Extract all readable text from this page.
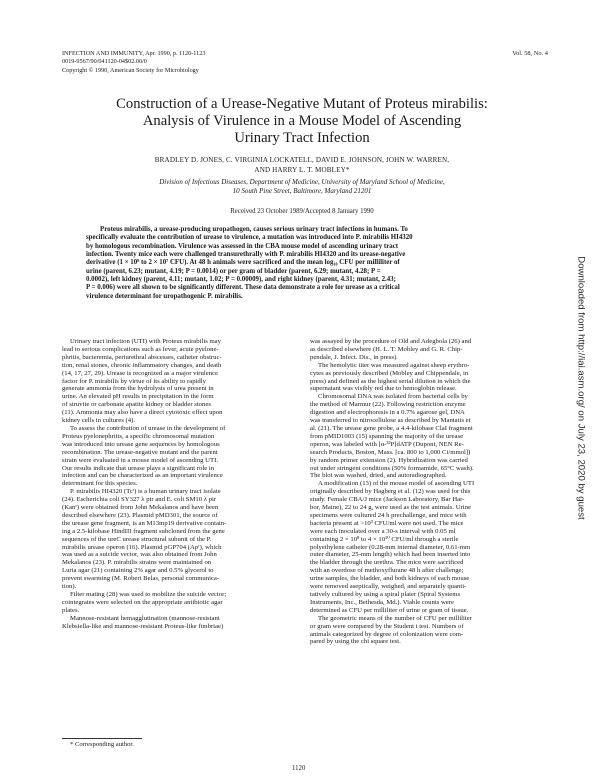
INFECTION AND IMMUNITY, Apr. 1990, p. 1120-1123
0019-9567/90/041120-04$02.00/0
Copyright © 1990, American Society for Microbiology
Vol. 58, No. 4
Construction of a Urease-Negative Mutant of Proteus mirabilis:
Analysis of Virulence in a Mouse Model of Ascending
Urinary Tract Infection
BRADLEY D. JONES, C. VIRGINIA LOCKATELL, DAVID E. JOHNSON, JOHN W. WARREN,
AND HARRY L. T. MOBLEY*
Division of Infectious Diseases, Department of Medicine, University of Maryland School of Medicine,
10 South Pine Street, Baltimore, Maryland 21201
Received 23 October 1989/Accepted 8 January 1990
Proteus mirabilis, a urease-producing uropathogen, causes serious urinary tract infections in humans. To
specifically evaluate the contribution of urease to virulence, a mutation was introduced into P. mirabilis HI4320
by homologous recombination. Virulence was assessed in the CBA mouse model of ascending urinary tract
infection. Twenty mice each were challenged transurethrally with P. mirabilis HI4320 and its urease-negative
derivative (1 × 10⁸ to 2 × 10⁷ CFU). At 48 h animals were sacrificed and the mean log₁₀ CFU per milliliter of
urine (parent, 6.23; mutant, 4.19; P = 0.0014) or per gram of bladder (parent, 6.29; mutant, 4.28; P =
0.0002), left kidney (parent, 4.11; mutant, 1.02; P = 0.00009), and right kidney (parent, 4.31; mutant, 2.43;
P = 0.006) were all shown to be significantly different. These data demonstrate a role for urease as a critical
virulence determinant for uropathogenic P. mirabilis.
Urinary tract infection (UTI) with Proteus mirabilis may
lead to serious complications such as fever, acute pyelone-
phritis, bacteremia, periurethral abscesses, catheter obstruc-
tion, renal stones, chronic inflammatory changes, and death
(14, 17, 27, 29). Urease is recognized as a major virulence
factor for P. mirabilis by virtue of its ability to rapidly
generate ammonia from the hydrolysis of urea present in
urine. An elevated pH results in precipitation in the form
of struvite or carbonate apatite kidney or bladder stones
(11). Ammonia may also have a direct cytotoxic effect upon
kidney cells in cultures (4).
To assess the contribution of urease in the development of
Proteus pyelonephritis, a specific chromosomal mutation
was introduced into urease gene sequences by homologous
recombination. The urease-negative mutant and the parent
strain were evaluated in a mouse model of ascending UTI.
Our results indicate that urease plays a significant role in
infection and can be characterized as an important virulence
determinant for this species.
P. mirabilis HI4320 (Tcʳ) is a human urinary tract isolate
(24). Escherichia coli SY327 λ pir and E. coli SM10 λ pir
(Kanʳ) were obtained from John Mekalanos and have been
described elsewhere (23). Plasmid pMD301, the source of
the urease gene fragment, is an M13mp19 derivative contain-
ing a 2.5-kilobase HindIII fragment subcloned from the gene
sequences of the ureC urease structural subunit of the P.
mirabilis urease operon (16). Plasmid pGP704 (Apʳ), which
was used as a suicide vector, was also obtained from John
Mekalanos (23). P. mirabilis strains were maintained on
Luria agar (21) containing 2% agar and 0.5% glycerol to
prevent swarming (M. Robert Belas, personal communica-
tion).
Filter mating (28) was used to mobilize the suicide vector;
cointegrates were selected on the appropriate antibiotic agar
plates.
Mannose-resistant hemagglutination (mannose-resistant
Klebsiella-like and mannose-resistant Proteus-like fimbriae)
was assayed by the procedure of Old and Adegbola (26) and
as described elsewhere (H. L. T. Mobley and G. R. Chip-
pendale, J. Infect. Dis., in press).
The hemolytic titer was measured against sheep erythro-
cytes as previously described (Mobley and Chippendale, in
press) and defined as the highest serial dilution in which the
supernatant was visibly red due to hemoglobin release.
Chromosomal DNA was isolated from bacterial cells by
the method of Marmur (22). Following restriction enzyme
digestion and electrophoresis in a 0.7% agarose gel, DNA
was transferred to nitrocellulose as described by Maniatis et
al. (21). The urease gene probe, a 4.4-kilobase ClaI fragment
from pMID1003 (15) spanning the majority of the urease
operon, was labeled with [α-³²P]dATP (Dupont, NEN Re-
search Products, Boston, Mass. [ca. 800 to 1,000 Ci/mmol])
by random primer extension (2). Hybridization was carried
out under stringent conditions (50% formamide, 65°C wash).
The blot was washed, dried, and autoradiographed.
A modification (13) of the mouse model of ascending UTI
originally described by Hagberg et al. (12) was used for this
study. Female CBA/J mice (Jackson Laboratory, Bar Har-
bor, Maine), 22 to 24 g, were used as the test animals. Urine
specimens were cultured 24 h prechallenge, and mice with
bacteria present at >10³ CFU/ml were not used. The mice
were each inoculated over a 30-s interval with 0.05 ml
containing 2 × 10⁸ to 4 × 10¹⁰ CFU/ml through a sterile
polyethylene catheter (0.28-mm internal diameter, 0.61-mm
outer diameter, 25-mm length) which had been inserted into
the bladder through the urethra. The mice were sacrificed
with an overdose of methoxyflurane 48 h after challenge;
urine samples, the bladder, and both kidneys of each mouse
were removed aseptically, weighed, and separately quanti-
tatively cultured by using a spiral plater (Spiral Systems
Instruments, Inc., Bethesda, Md.). Viable counts were
determined as CFU per milliliter of urine or gram of tissue.
The geometric means of the number of CFU per milliliter
or gram were compared by the Student t test. Numbers of
animals categorized by degree of colonization were com-
pared by using the chi square test.
* Corresponding author.
1120
Downloaded from http://iai.asm.org/ on July 23, 2020 by guest
